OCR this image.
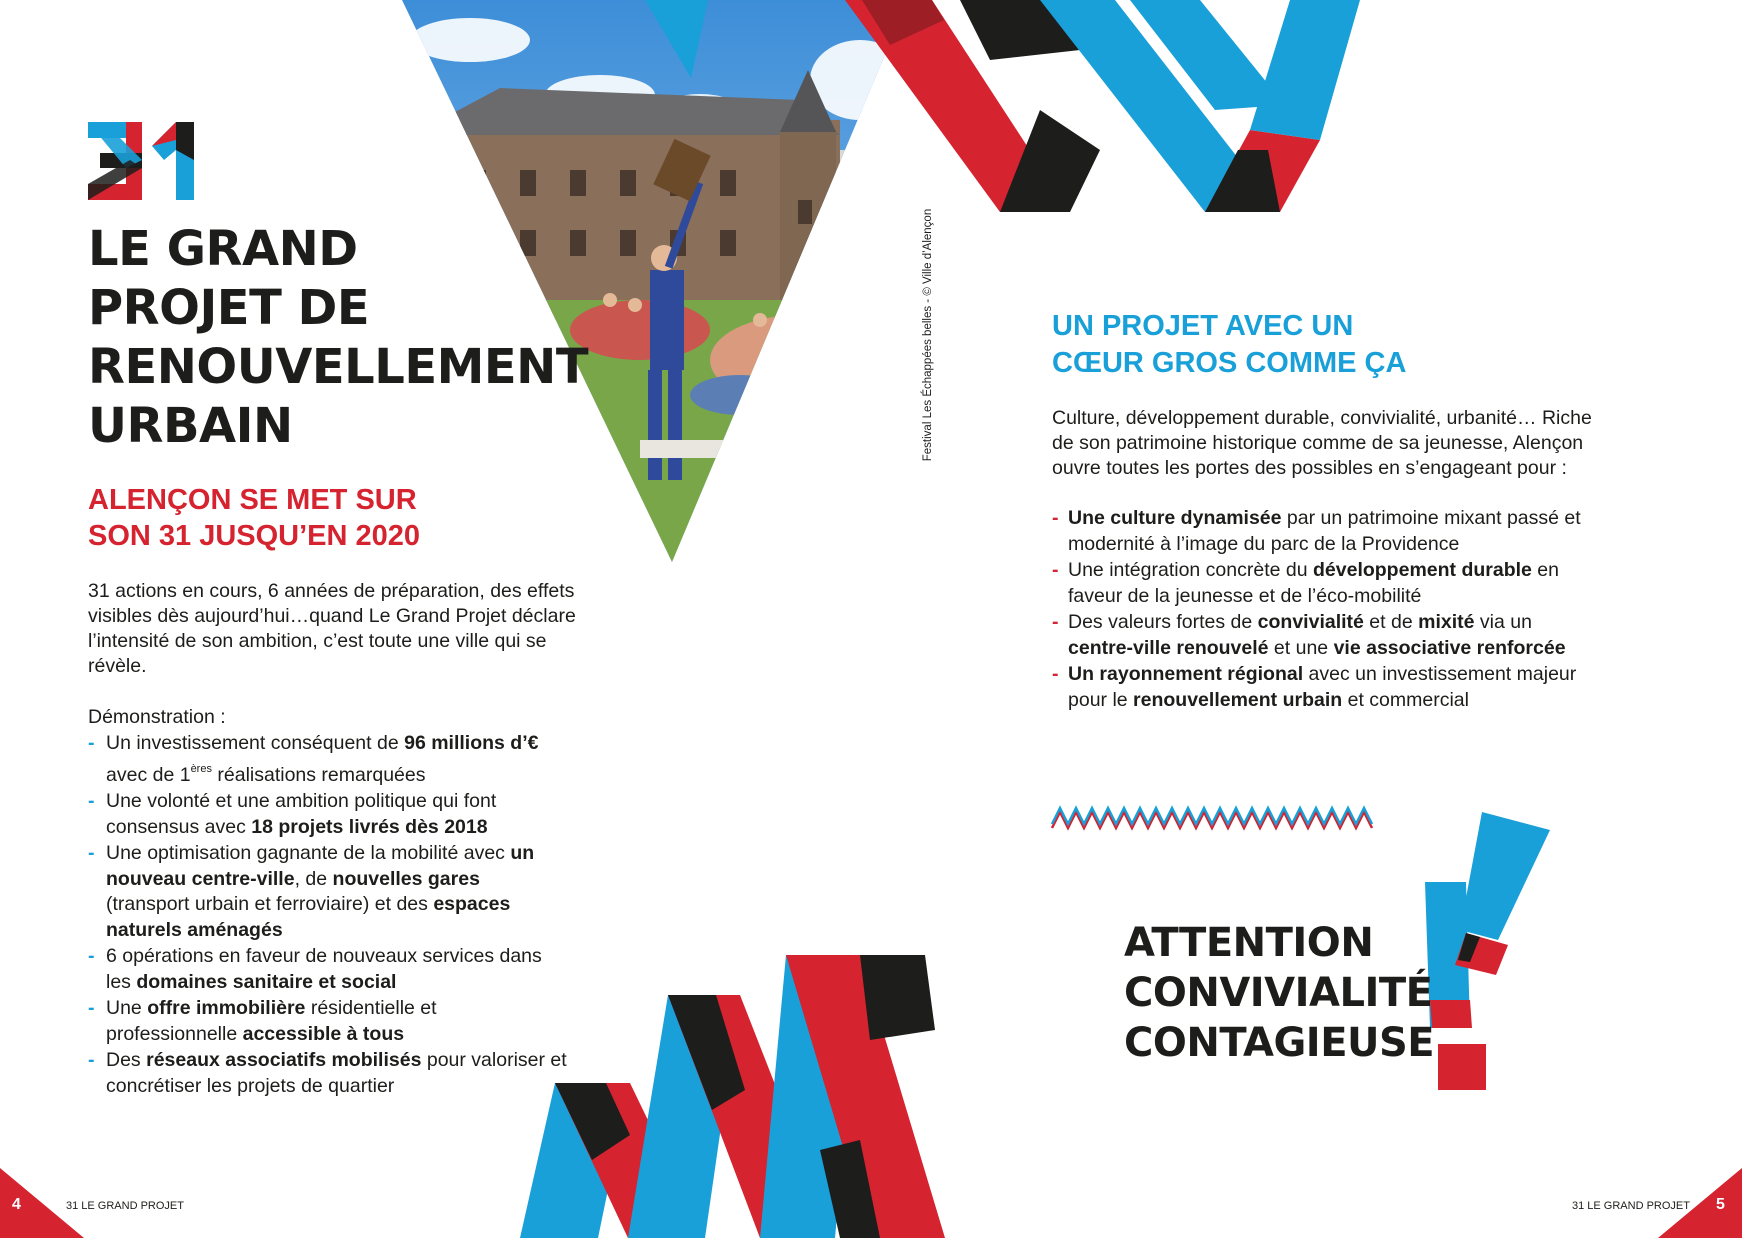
LE GRAND
PROJET DE
RENOUVELLEMENT
URBAIN
ALENÇON SE MET SUR
SON 31 JUSQU’EN 2020

31 actions en cours, 6 années de préparation, des effets visibles dès aujourd’hui…quand Le Grand Projet déclare l’intensité de son ambition, c’est toute une ville qui se révèle.

Démonstration :

- Un investissement conséquent de 96 millions d’€ avec de 1ères réalisations remarquées
- Une volonté et une ambition politique qui font consensus avec 18 projets livrés dès 2018
- Une optimisation gagnante de la mobilité avec un nouveau centre-ville, de nouvelles gares (transport urbain et ferroviaire) et des espaces naturels aménagés
- 6 opérations en faveur de nouveaux services dans les domaines sanitaire et social
- Une offre immobilière résidentielle et professionnelle accessible à tous
- Des réseaux associatifs mobilisés pour valoriser et concrétiser les projets de quartier
Festival Les Échappées belles - © Ville d’Alençon	UN PROJET AVEC UN
CŒUR GROS COMME ÇA

Culture, développement durable, convivialité, urbanité… Riche de son patrimoine historique comme de sa jeunesse, Alençon ouvre toutes les portes des possibles en s’engageant pour :

- Une culture dynamisée par un patrimoine mixant passé et modernité à l’image du parc de la Providence
- Une intégration concrète du développement durable en faveur de la jeunesse et de l’éco-mobilité
- Des valeurs fortes de convivialité et de mixité via un centre-ville renouvelé et une vie associative renforcée
- Un rayonnement régional avec un investissement majeur pour le renouvellement urbain et commercial
ATTENTION
CONVIVIALITÉ
CONTAGIEUSE
4	31 LE GRAND PROJET	31 LE GRAND PROJET 5
